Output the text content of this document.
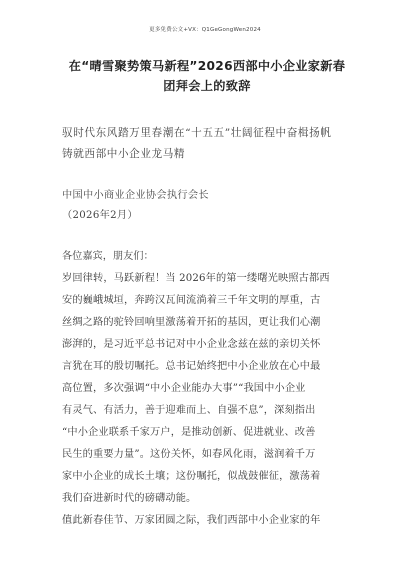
更多免费公文+VX：Q1GeGongWen2024
在“晴雪聚势策马新程”2026西部中小企业家新春
团拜会上的致辞
驭时代东风踏万里春潮在“十五五”壮阔征程中奋楫扬帆
铸就西部中小企业龙马精
中国中小商业企业协会执行会长
（2026年2月）
各位嘉宾，朋友们：
岁回律转，马跃新程！当 2026年的第一缕曙光映照古都西
安的巍峨城垣，奔跨汉瓦间流淌着三千年文明的厚重，古
丝绸之路的驼铃回响里激荡着开拓的基因，更让我们心潮
澎湃的，是习近平总书记对中小企业念兹在兹的亲切关怀
言犹在耳的殷切嘱托。总书记始终把中小企业放在心中最
高位置，多次强调“中小企业能办大事”“我国中小企业
有灵气、有活力，善于迎难而上、自强不息”，深刻指出
“中小企业联系千家万户，是推动创新、促进就业、改善
民生的重要力量”。这份关怀，如春风化雨，滋润着千万
家中小企业的成长土壤；这份嘱托，似战鼓催征，激荡着
我们奋进新时代的磅礴动能。
值此新春佳节、万家团圆之际，我们西部中小企业家的年
